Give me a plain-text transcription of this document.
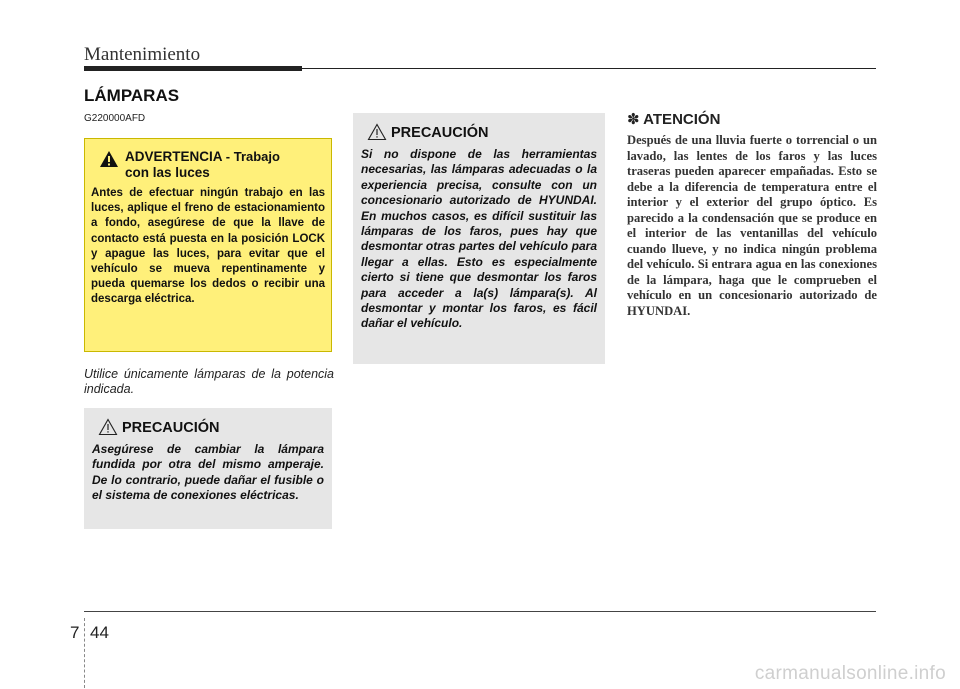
Mantenimiento
LÁMPARAS
G220000AFD
ADVERTENCIA - Trabajo
con las luces
Antes de efectuar ningún trabajo en las luces, aplique el freno de estacionamiento a fondo, asegúrese de que la llave de contacto está puesta en la posición LOCK y apague las luces, para evitar que el vehículo se mueva repentinamente y pueda quemarse los dedos o recibir una descarga eléctrica.
Utilice únicamente lámparas de la potencia indicada.
PRECAUCIÓN
Asegúrese de cambiar la lámpara fundida por otra del mismo amperaje. De lo contrario, puede dañar el fusible o el sistema de conexiones eléctricas.
PRECAUCIÓN
Si no dispone de las herramientas necesarias, las lámparas adecuadas o la experiencia precisa, consulte con un concesionario autorizado de HYUNDAI. En muchos casos, es difícil sustituir las lámparas de los faros, pues hay que desmontar otras partes del vehículo para llegar a ellas. Esto es especialmente cierto si tiene que desmontar los faros para acceder a la(s) lámpara(s). Al desmontar y montar los faros, es fácil dañar el vehículo.
✽ ATENCIÓN
Después de una lluvia fuerte o torrencial o un lavado, las lentes de los faros y las luces traseras pueden aparecer empañadas. Esto se debe a la diferencia de temperatura entre el interior y el exterior del grupo óptico. Es parecido a la condensación que se produce en el interior de las ventanillas del vehículo cuando llueve, y no indica ningún problema del vehículo. Si entrara agua en las conexiones de la lámpara, haga que le comprueben el vehículo en un concesionario autorizado de HYUNDAI.
7 44
carmanualsonline.info
